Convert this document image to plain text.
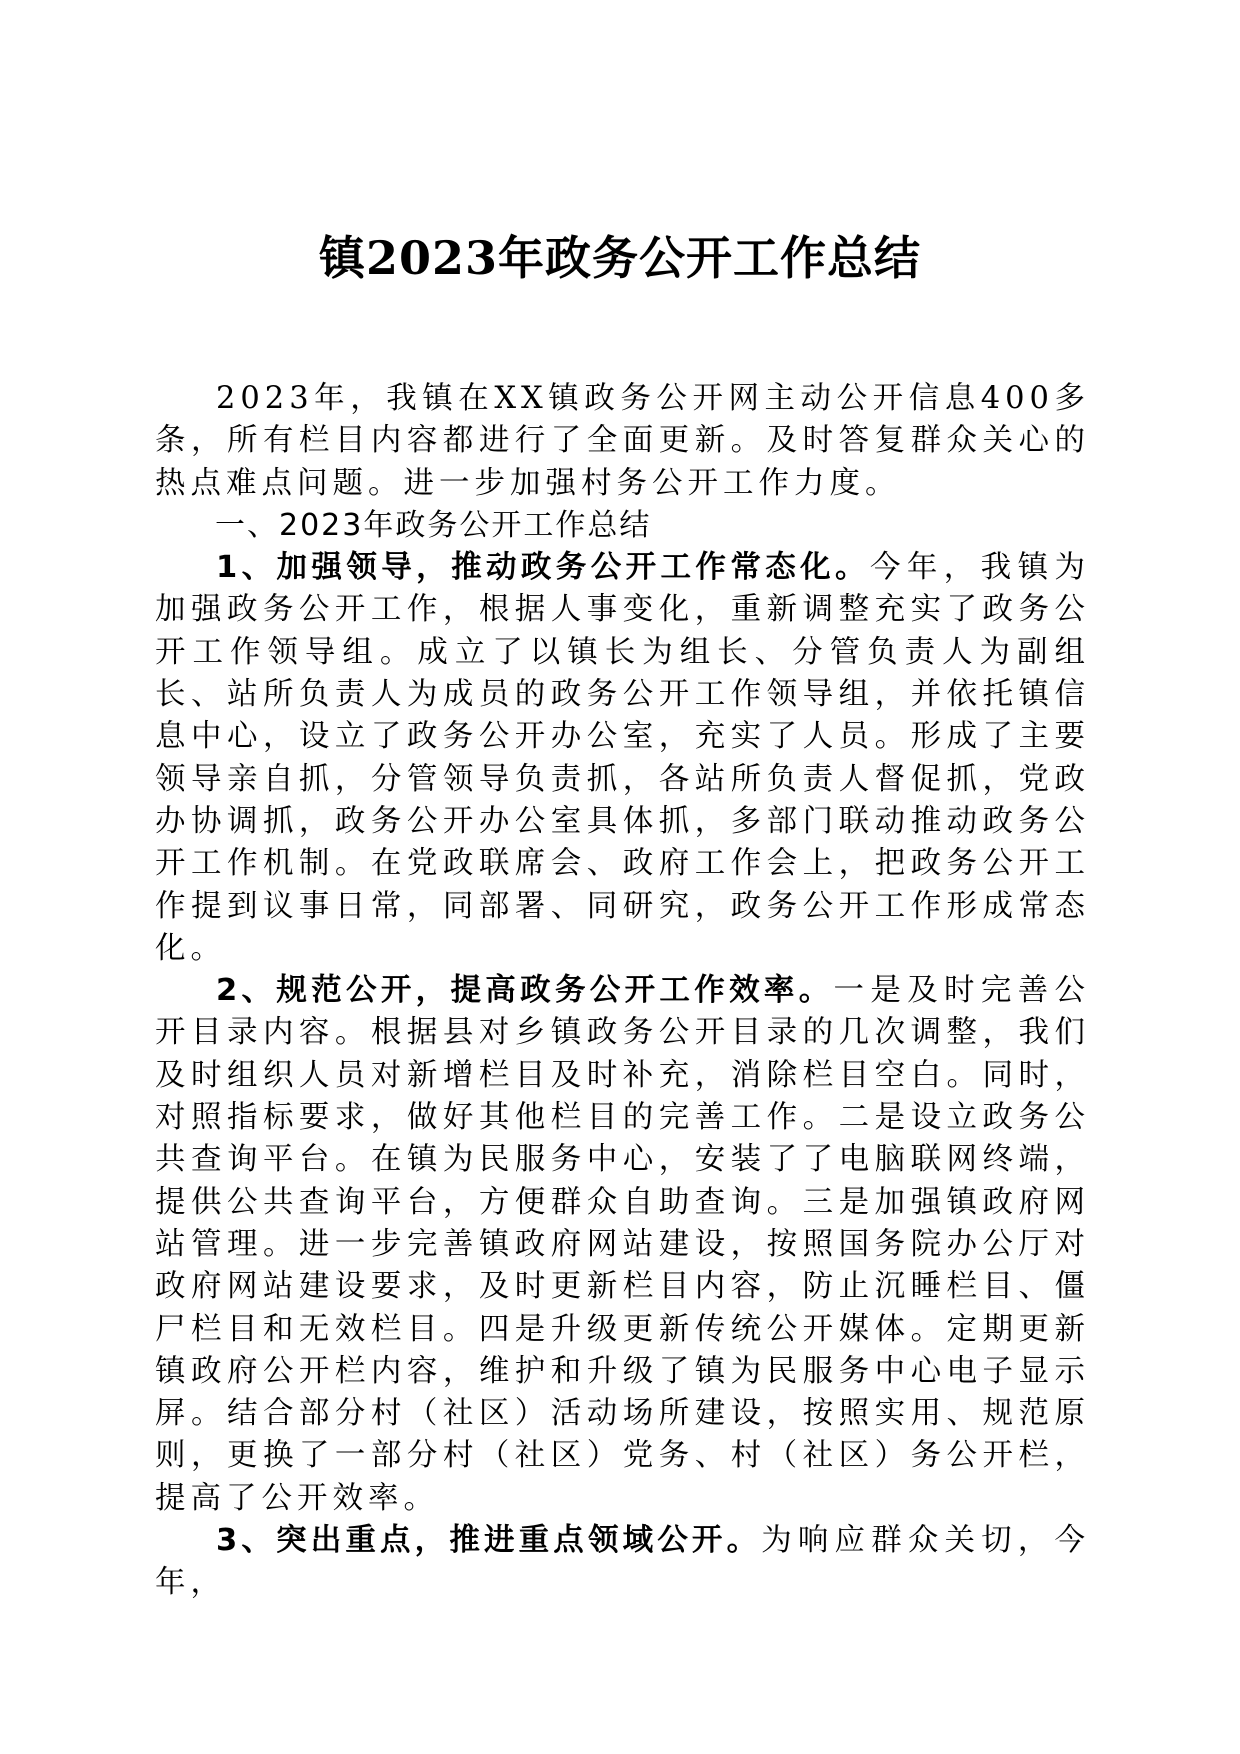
镇2023年政务公开工作总结

2023年，我镇在XX镇政务公开网主动公开信息400多条，所有栏目内容都进行了全面更新。及时答复群众关心的热点难点问题。进一步加强村务公开工作力度。

一、2023年政务公开工作总结

1、加强领导，推动政务公开工作常态化。今年，我镇为加强政务公开工作，根据人事变化，重新调整充实了政务公开工作领导组。成立了以镇长为组长、分管负责人为副组长、站所负责人为成员的政务公开工作领导组，并依托镇信息中心，设立了政务公开办公室，充实了人员。形成了主要领导亲自抓，分管领导负责抓，各站所负责人督促抓，党政办协调抓，政务公开办公室具体抓，多部门联动推动政务公开工作机制。在党政联席会、政府工作会上，把政务公开工作提到议事日常，同部署、同研究，政务公开工作形成常态化。

2、规范公开，提高政务公开工作效率。一是及时完善公开目录内容。根据县对乡镇政务公开目录的几次调整，我们及时组织人员对新增栏目及时补充，消除栏目空白。同时，对照指标要求，做好其他栏目的完善工作。二是设立政务公共查询平台。在镇为民服务中心，安装了了电脑联网终端，提供公共查询平台，方便群众自助查询。三是加强镇政府网站管理。进一步完善镇政府网站建设，按照国务院办公厅对政府网站建设要求，及时更新栏目内容，防止沉睡栏目、僵尸栏目和无效栏目。四是升级更新传统公开媒体。定期更新镇政府公开栏内容，维护和升级了镇为民服务中心电子显示屏。结合部分村（社区）活动场所建设，按照实用、规范原则，更换了一部分村（社区）党务、村（社区）务公开栏，提高了公开效率。

3、突出重点，推进重点领域公开。为响应群众关切，今年，
